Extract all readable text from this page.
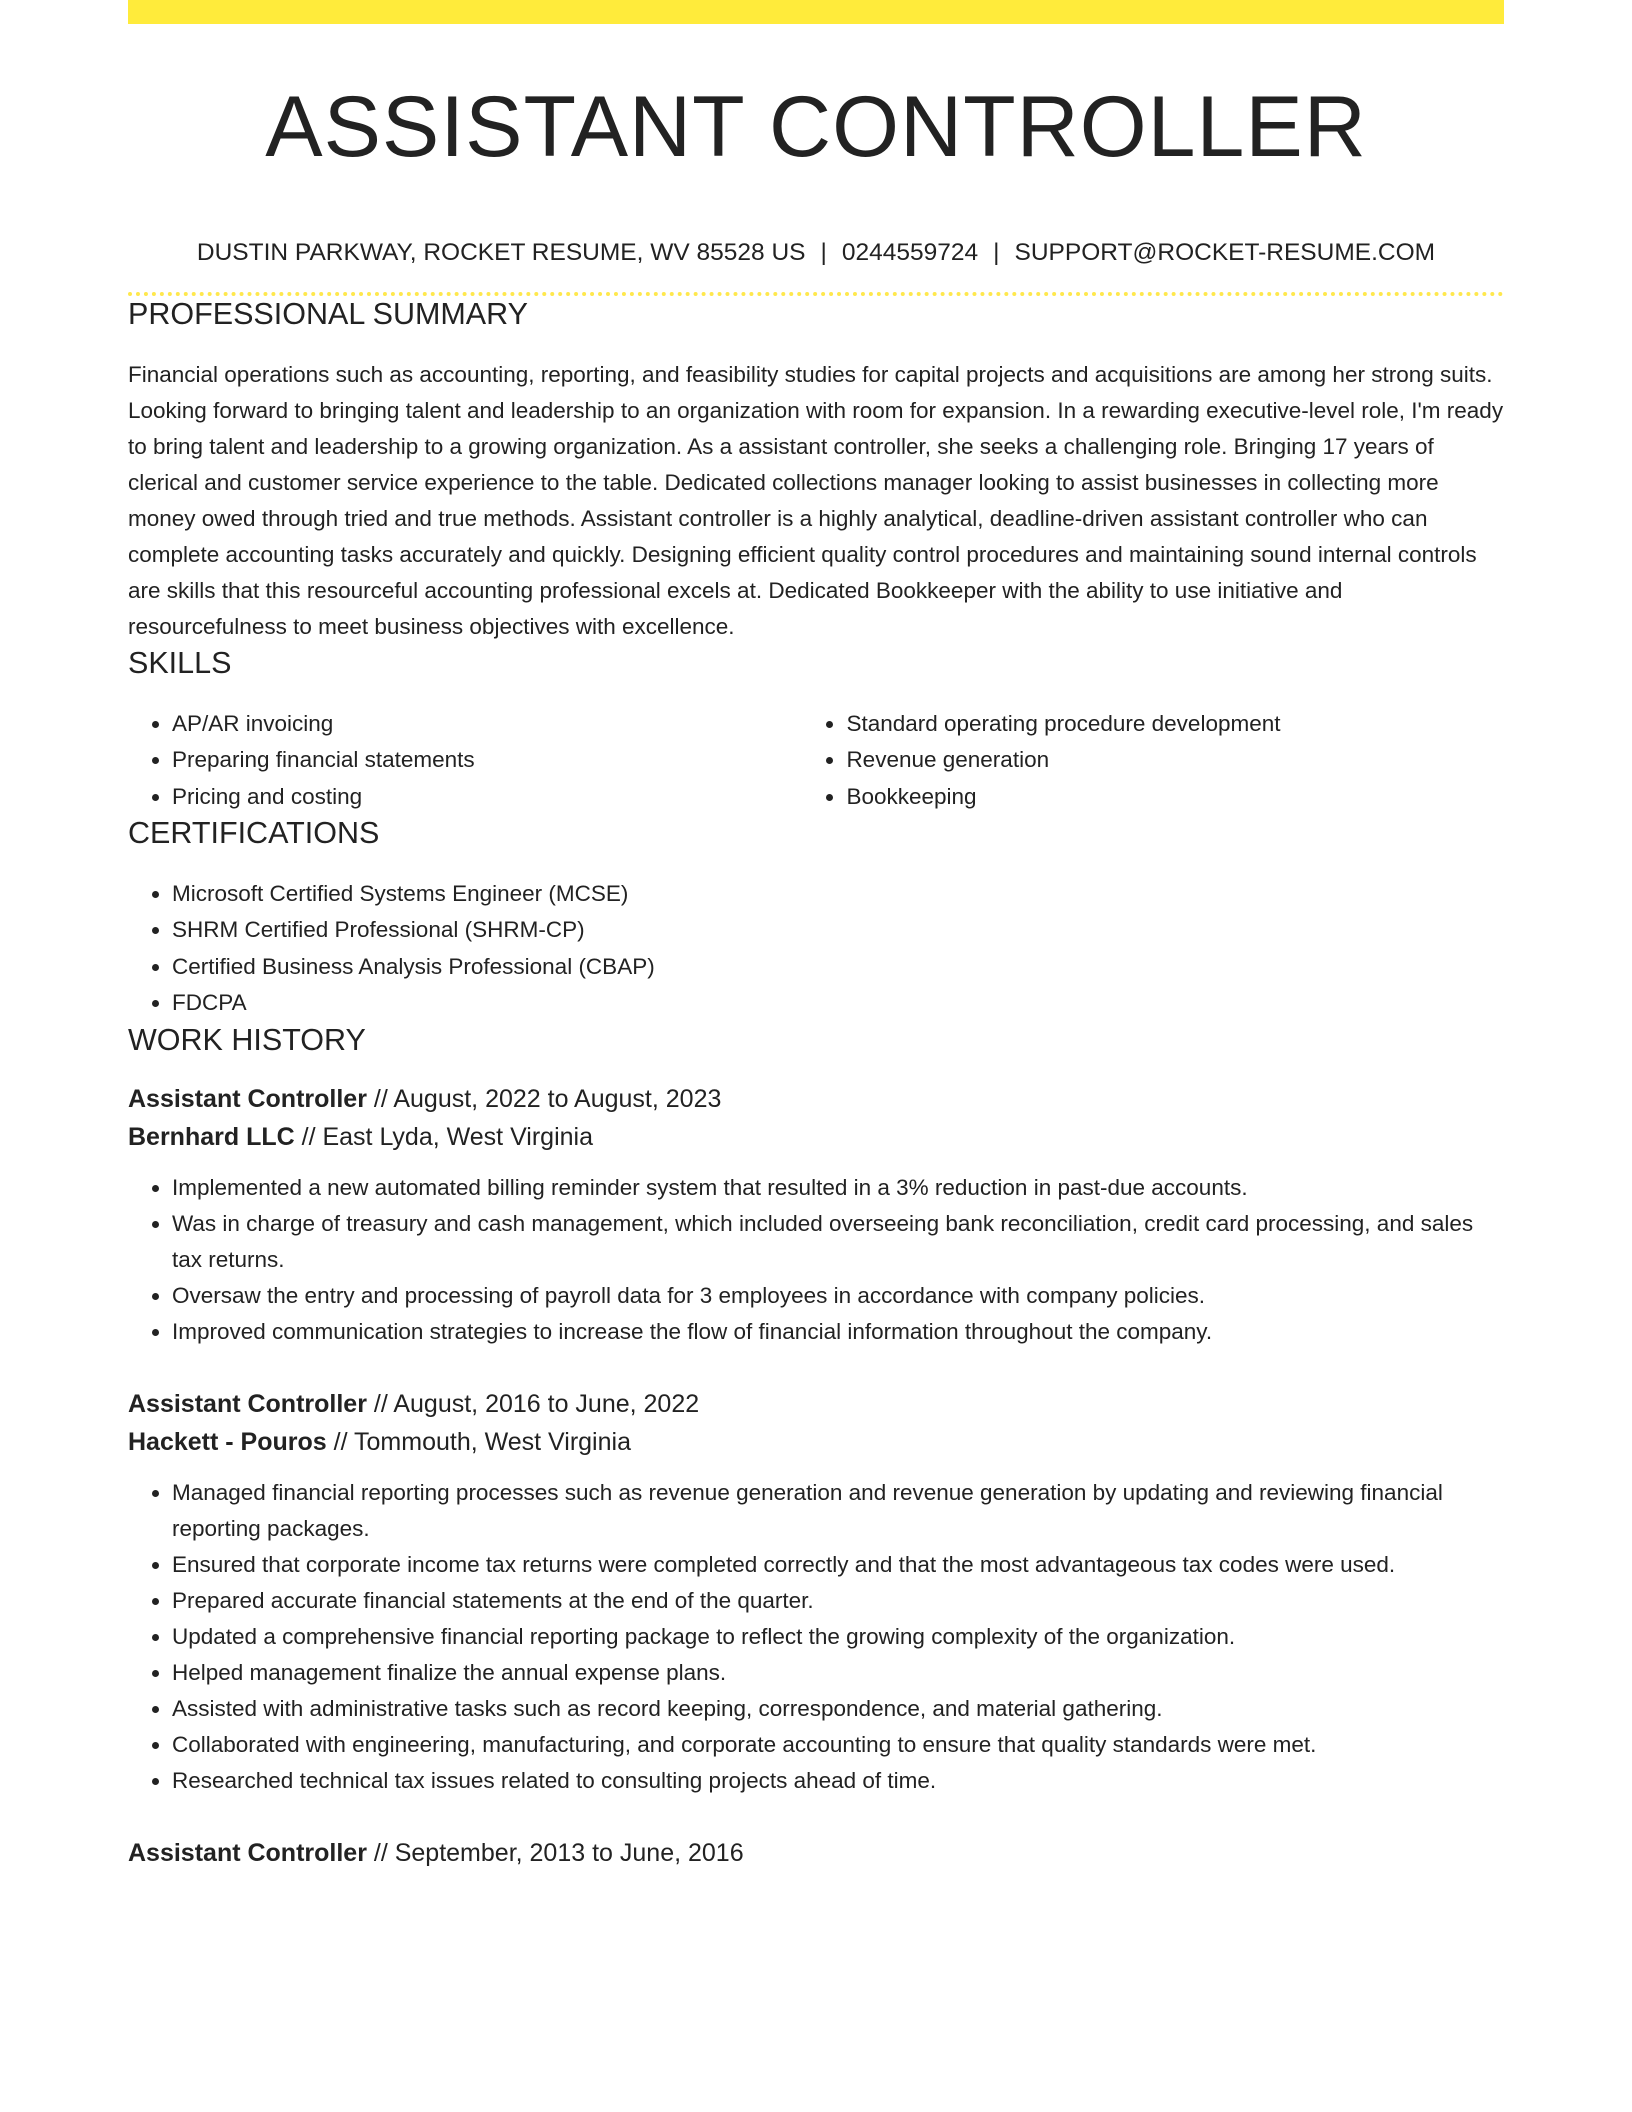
ASSISTANT CONTROLLER
DUSTIN PARKWAY, ROCKET RESUME, WV 85528 US | 0244559724 | SUPPORT@ROCKET-RESUME.COM
PROFESSIONAL SUMMARY
Financial operations such as accounting, reporting, and feasibility studies for capital projects and acquisitions are among her strong suits. Looking forward to bringing talent and leadership to an organization with room for expansion. In a rewarding executive-level role, I'm ready to bring talent and leadership to a growing organization. As a assistant controller, she seeks a challenging role. Bringing 17 years of clerical and customer service experience to the table. Dedicated collections manager looking to assist businesses in collecting more money owed through tried and true methods. Assistant controller is a highly analytical, deadline-driven assistant controller who can complete accounting tasks accurately and quickly. Designing efficient quality control procedures and maintaining sound internal controls are skills that this resourceful accounting professional excels at. Dedicated Bookkeeper with the ability to use initiative and resourcefulness to meet business objectives with excellence.
SKILLS
• AP/AR invoicing
• Preparing financial statements
• Pricing and costing
• Standard operating procedure development
• Revenue generation
• Bookkeeping
CERTIFICATIONS
• Microsoft Certified Systems Engineer (MCSE)
• SHRM Certified Professional (SHRM-CP)
• Certified Business Analysis Professional (CBAP)
• FDCPA
WORK HISTORY
Assistant Controller // August, 2022 to August, 2023
Bernhard LLC // East Lyda, West Virginia
• Implemented a new automated billing reminder system that resulted in a 3% reduction in past-due accounts.
• Was in charge of treasury and cash management, which included overseeing bank reconciliation, credit card processing, and sales tax returns.
• Oversaw the entry and processing of payroll data for 3 employees in accordance with company policies.
• Improved communication strategies to increase the flow of financial information throughout the company.
Assistant Controller // August, 2016 to June, 2022
Hackett - Pouros // Tommouth, West Virginia
• Managed financial reporting processes such as revenue generation and revenue generation by updating and reviewing financial reporting packages.
• Ensured that corporate income tax returns were completed correctly and that the most advantageous tax codes were used.
• Prepared accurate financial statements at the end of the quarter.
• Updated a comprehensive financial reporting package to reflect the growing complexity of the organization.
• Helped management finalize the annual expense plans.
• Assisted with administrative tasks such as record keeping, correspondence, and material gathering.
• Collaborated with engineering, manufacturing, and corporate accounting to ensure that quality standards were met.
• Researched technical tax issues related to consulting projects ahead of time.
Assistant Controller // September, 2013 to June, 2016
